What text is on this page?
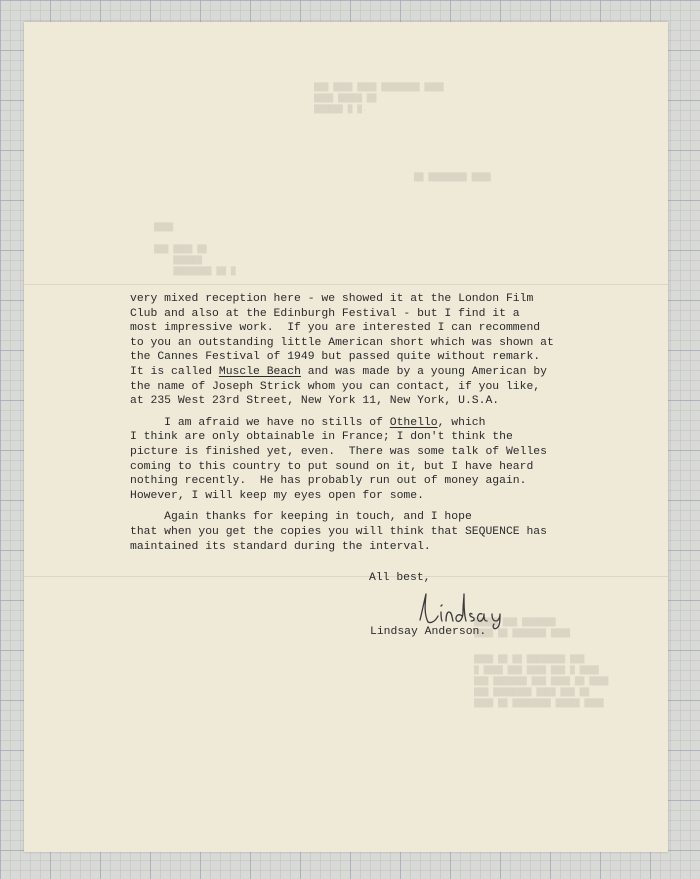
███ ████ ████ ████████ ████
████ █████ ██
██████ █ █.
██ ████████ ████
████

███ ████ ██
██████
████████ ██ █
█████ ███ ███████
████ ██ ███████ ████
████ ██ ██ ████████ ███
█ ████ ███ ████ ███ █ ████
███ ███████ ███ ████ ██ ████
███ ████████ ████ ███ ██
████ ██ ████████ █████ ████
very mixed reception here - we showed it at the London Film
Club and also at the Edinburgh Festival - but I find it a
most impressive work.  If you are interested I can recommend
to you an outstanding little American short which was shown at
the Cannes Festival of 1949 but passed quite without remark.
It is called Muscle Beach and was made by a young American by
the name of Joseph Strick whom you can contact, if you like,
at 235 West 23rd Street, New York 11, New York, U.S.A.
I am afraid we have no stills of Othello, which
I think are only obtainable in France; I don't think the
picture is finished yet, even.  There was some talk of Welles
coming to this country to put sound on it, but I have heard
nothing recently.  He has probably run out of money again.
However, I will keep my eyes open for some.
Again thanks for keeping in touch, and I hope
that when you get the copies you will think that SEQUENCE has
maintained its standard during the interval.
All best,
Lindsay Anderson.
